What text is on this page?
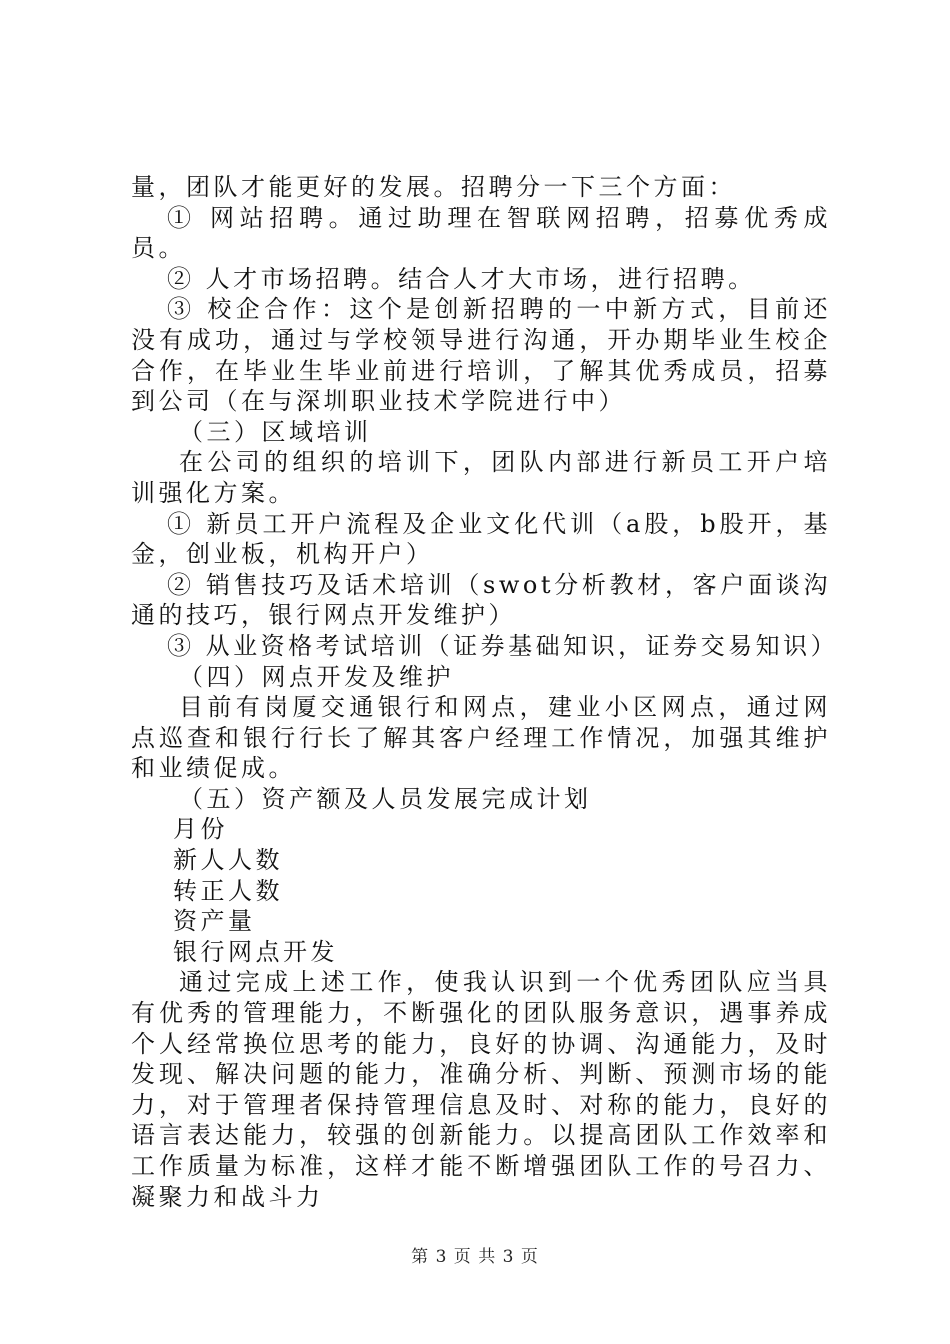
量，团队才能更好的发展。招聘分一下三个方面：

① 网站招聘。通过助理在智联网招聘，招募优秀成员。

② 人才市场招聘。结合人才大市场，进行招聘。

③ 校企合作：这个是创新招聘的一中新方式，目前还没有成功，通过与学校领导进行沟通，开办期毕业生校企合作，在毕业生毕业前进行培训，了解其优秀成员，招募到公司（在与深圳职业技术学院进行中）

（三）区域培训

在公司的组织的培训下，团队内部进行新员工开户培训强化方案。

① 新员工开户流程及企业文化代训（a股，b股开，基金，创业板，机构开户）

② 销售技巧及话术培训（swot分析教材，客户面谈沟通的技巧，银行网点开发维护）

③ 从业资格考试培训（证券基础知识，证券交易知识）

（四）网点开发及维护

目前有岗厦交通银行和网点，建业小区网点，通过网点巡查和银行行长了解其客户经理工作情况，加强其维护和业绩促成。

（五）资产额及人员发展完成计划

月份

新人人数

转正人数

资产量

银行网点开发

通过完成上述工作，使我认识到一个优秀团队应当具有优秀的管理能力，不断强化的团队服务意识，遇事养成个人经常换位思考的能力，良好的协调、沟通能力，及时发现、解决问题的能力，准确分析、判断、预测市场的能力，对于管理者保持管理信息及时、对称的能力，良好的语言表达能力，较强的创新能力。以提高团队工作效率和工作质量为标准，这样才能不断增强团队工作的号召力、凝聚力和战斗力

第 3 页 共 3 页
